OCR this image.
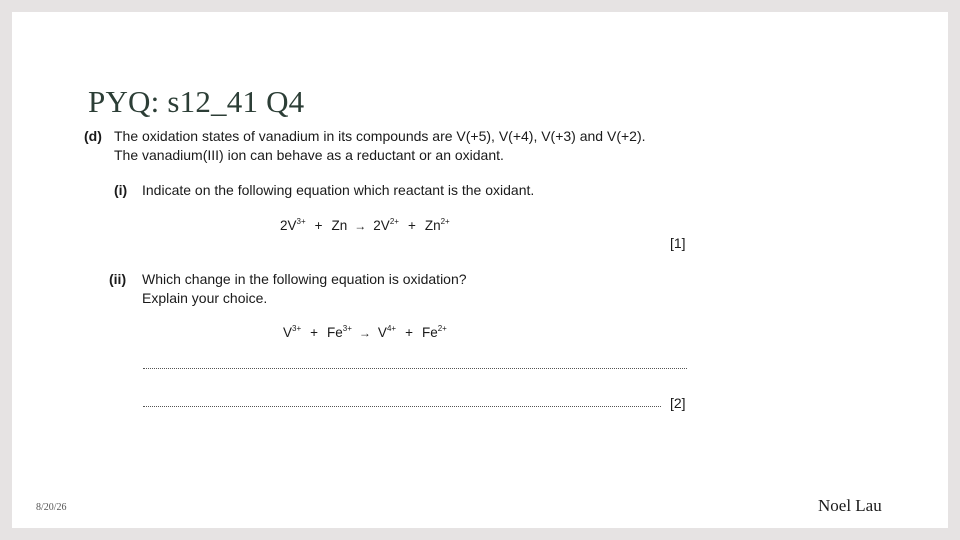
PYQ: s12_41 Q4
(d) The oxidation states of vanadium in its compounds are V(+5), V(+4), V(+3) and V(+2).
The vanadium(III) ion can behave as a reductant or an oxidant.
(i) Indicate on the following equation which reactant is the oxidant.
$2V^{3+} + Zn \to 2V^{2+} + Zn^{2+}$
[1]
(ii) Which change in the following equation is oxidation?
Explain your choice.
$V^{3+} + Fe^{3+} \to V^{4+} + Fe^{2+}$
[2]
8/20/26	Noel Lau
